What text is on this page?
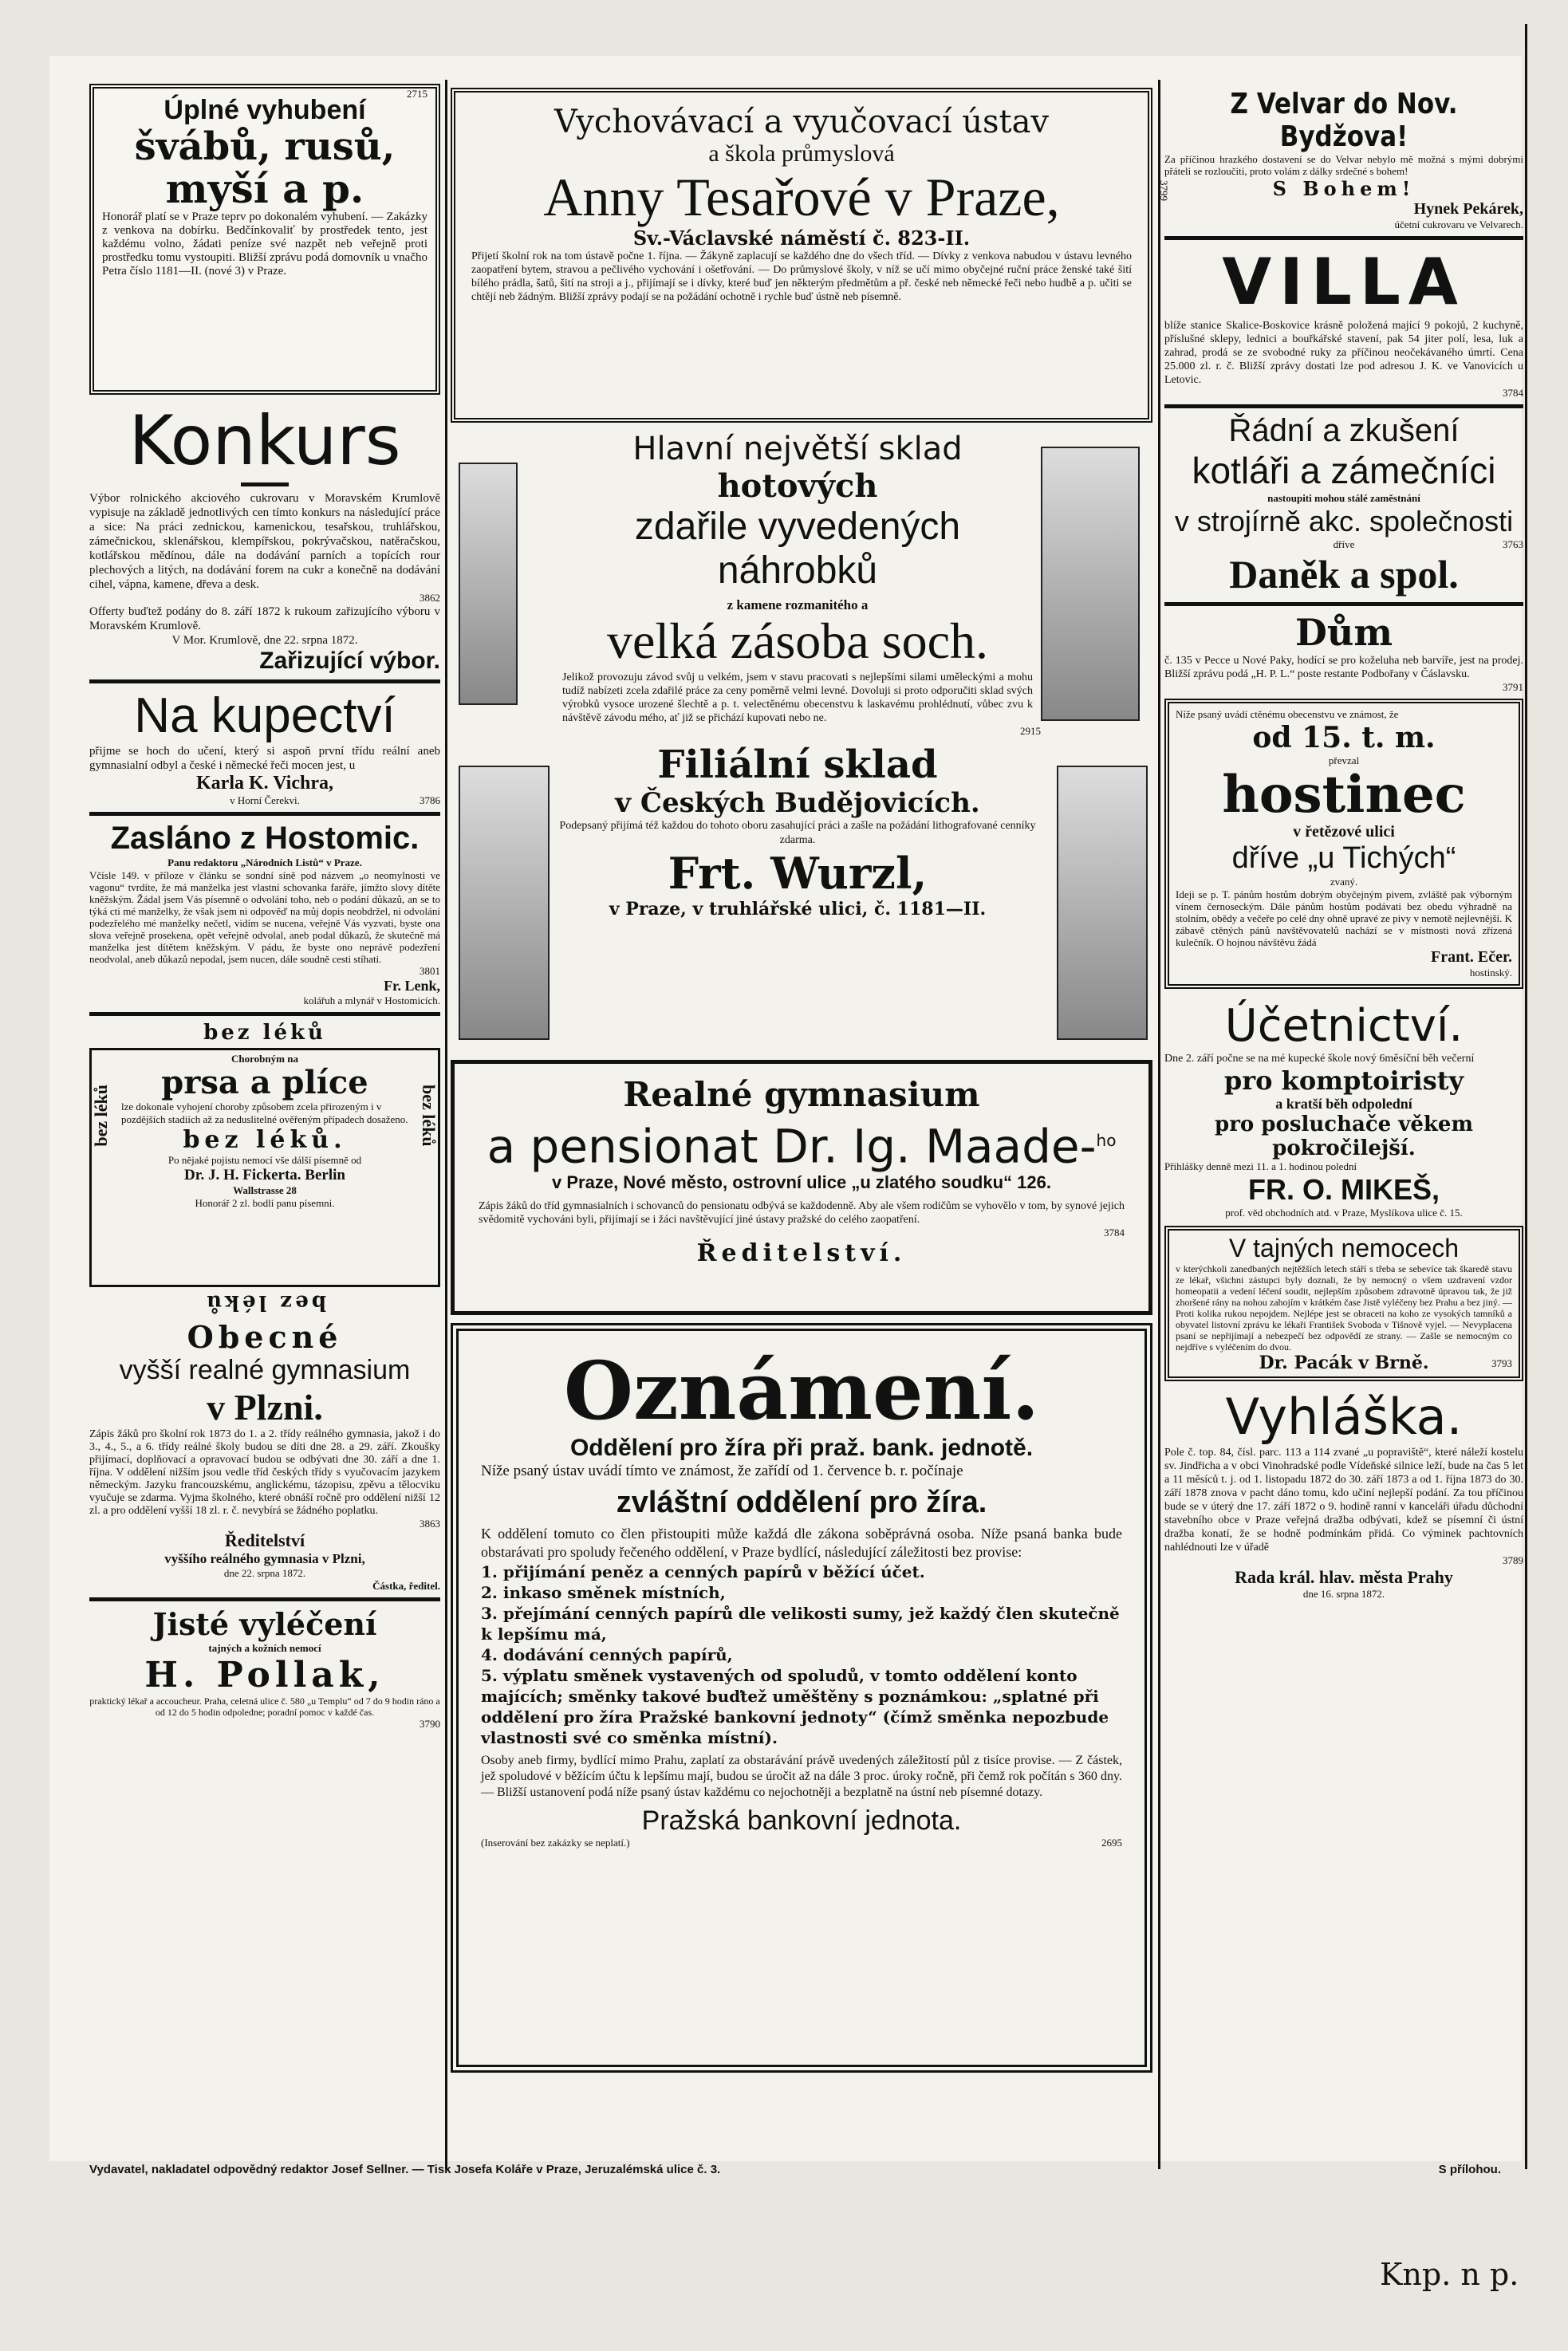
Úplné vyhubení
švábů, rusů,
myší a p.
Honorář platí se v Praze teprv po dokonalém vyhubení. — Zakázky z venkova na dobírku. Bedčínkovaliť by prostředek tento, jest každému volno, žádati peníze své nazpět neb veřejně proti prostředku tomu vystoupiti. Bližší zprávu podá domovník u vnačho Petra číslo 1181—II. (nové 3) v Praze.
Konkurs
Výbor rolnického akciového cukrovaru v Moravském Krumlově vypisuje na základě jednotlivých cen tímto konkurs na následující práce a sice: Na práci zednickou, kamenickou, tesařskou, truhlářskou, zámečnickou, sklenářskou, klempířskou, pokrývačskou, natěračskou, kotlářskou mědínou, dále na dodávání parních a topících rour plechových a litých, na dodávání forem na cukr a konečně na dodávání cihel, vápna, kamene, dřeva a desk.
3862
Offerty buďtež podány do 8. září 1872 k rukoum zařizujícího výboru v Moravském Krumlově.
V Mor. Krumlově, dne 22. srpna 1872.
Zařizující výbor.
Na kupectví
přijme se hoch do učení, který si aspoň první třídu reální aneb gymnasialní odbyl a české i německé řeči mocen jest, u
Karla K. Vichra,
v Horní Čerekvi.	3786
Zasláno z Hostomic.
Panu redaktoru „Národních Listů“ v Praze.
Včísle 149. v příloze v článku se sondní síně pod názvem „o neomylnosti ve vagonu“ tvrdíte, že má manželka jest vlastní schovanka faráře, jímžto slovy dítěte kněžským. Žádal jsem Vás písemně o odvolání toho, neb o podání důkazů, an se to týká cti mé manželky, že však jsem ni odpověď na můj dopis neobdržel, ni odvolání podezřelého mé manželky nečetl, vidím se nucena, veřejně Vás vyzvati, byste ona slova veřejně prosekena, opět veřejně odvolal, aneb podal důkazů, že skutečně má manželka jest dítětem kněžským. V pádu, že byste ono neprávě podezření neodvolal, aneb důkazů nepodal, jsem nucen, dále soudně cesti stíhati.
3801
Fr. Lenk,
kolářuh a mlynář v Hostomicích.
bez léků
bez léků	bez léků
Chorobným na
prsa a plíce
lze dokonale vyhojení choroby způsobem zcela přirozeným i v pozdějších stadiích až za neduslitelné ověřeným případech dosaženo.
bez léků.
Po nějaké pojistu nemocí vše dálší písemně od
Dr. J. H. Fickerta. Berlin
Wallstrasse 28
Honorář 2 zl. bodlí panu písemni.
bez léků
Obecné
vyšší realné gymnasium
v Plzni.
Zápis žáků pro školní rok 1873 do 1. a 2. třídy reálného gymnasia, jakož i do 3., 4., 5., a 6. třídy reálné školy budou se díti dne 28. a 29. září. Zkoušky přijímací, doplňovací a opravovací budou se odbývati dne 30. září a dne 1. října. V oddělení nižším jsou vedle tříd českých třídy s vyučovacím jazykem německým. Jazyku francouzskému, anglickému, tázopisu, zpěvu a tělocviku vyučuje se zdarma. Vyjma školného, které obnáší ročně pro oddělení nižší 12 zl. a pro oddělení vyšší 18 zl. r. č. nevybírá se žádného poplatku.
3863
Ředitelství
vyššího reálného gymnasia v Plzni,
dne 22. srpna 1872.
Částka, ředitel.
Jisté vyléčení
tajných a kožních nemocí
H. Pollak,
praktický lékař a accoucheur. Praha, celetná ulice č. 580 „u Templu“ od 7 do 9 hodin ráno a od 12 do 5 hodin odpoledne; poradní pomoc v každé čas.
3790
2715
Vychovávací a vyučovací ústav
a škola průmyslová
Anny Tesařové v Praze,
Sv.-Václavské náměstí č. 823-II.
Přijetí školní rok na tom ústavě počne 1. října. — Žákyně zaplacují se každého dne do všech tříd. — Dívky z venkova nabudou v ústavu levného zaopatření bytem, stravou a pečlivého vychování i ošetřování. — Do průmyslové školy, v níž se učí mimo obyčejné ruční práce ženské také šití bílého prádla, šatů, šití na stroji a j., přijímají se i dívky, které buď jen některým předmětům a př. české neb německé řeči nebo hudbě a p. učiti se chtějí neb žádným. Bližší zprávy podají se na požádání ochotně i rychle buď ústně neb písemně.
3799
Hlavní největší sklad
hotových
zdařile vyvedených náhrobků
z kamene rozmanitého a
velká zásoba soch.
Jelikož provozuju závod svůj u velkém, jsem v stavu pracovati s nejlepšími silami uměleckými a mohu tudíž nabízeti zcela zdařilé práce za ceny poměrně velmi levné. Dovoluji si proto odporučiti sklad svých výrobků vysoce urozené šlechtě a p. t. velectěnému obecenstvu k laskavému prohlédnutí, vůbec zvu k návštěvě závodu mého, ať již se přichází kupovati nebo ne.
2915
Filiální sklad
v Českých Budějovicích.
Podepsaný přijímá též každou do tohoto oboru zasahující práci a zašle na požádání lithografované cenníky zdarma.
Frt. Wurzl,
v Praze, v truhlářské ulici, č. 1181—II.
Realné gymnasium
a pensionat Dr. Ig. Maade-$^{ho}$
v Praze, Nové město, ostrovní ulice „u zlatého soudku“ 126.
Zápis žáků do tříd gymnasialních i schovanců do pensionatu odbývá se každodenně. Aby ale všem rodičům se vyhovělo v tom, by synové jejich svědomitě vychováni byli, přijímají se i žáci navštěvující jiné ústavy pražské do celého zaopatření.
3784
Ředitelství.
Oznámení.
Oddělení pro žíra při praž. bank. jednotě.
Níže psaný ústav uvádí tímto ve známost, že zařídí od 1. července b. r. počínaje
zvláštní oddělení pro žíra.
K oddělení tomuto co člen přistoupiti může každá dle zákona soběprávná osoba. Níže psaná banka bude obstarávati pro spoludy řečeného oddělení, v Praze bydlící, následující záležitosti bez provise:
1. přijímání peněz a cenných papírů v běžící účet.
2. inkaso směnek místních,
3. přejímání cenných papírů dle velikosti sumy, jež každý člen skutečně k lepšímu má,
4. dodávání cenných papírů,
5. výplatu směnek vystavených od spoludů, v tomto oddělení konto majících; směnky takové buďtež uměštěny s poznámkou: „splatné při oddělení pro žíra Pražské bankovní jednoty“ (čímž směnka nepozbude vlastnosti své co směnka místní).
Osoby aneb firmy, bydlící mimo Prahu, zaplatí za obstarávání právě uvedených záležitostí půl z tisíce provise. — Z částek, jež spoludové v běžícím účtu k lepšímu mají, budou se úročit až na dále 3 proc. úroky ročně, při čemž rok počítán s 360 dny. — Bližší ustanovení podá níže psaný ústav každému co nejochotněji a bezplatně na ústní neb písemné dotazy.
Pražská bankovní jednota.
(Inserování bez zakázky se neplatí.)	2695
Z Velvar do Nov. Bydžova!
Za příčinou hrazkého dostavení se do Velvar nebylo mě možná s mými dobrými přáteli se rozloučiti, proto volám z dálky srdečné s bohem!
S Bohem!
Hynek Pekárek,
účetní cukrovaru ve Velvarech.
VILLA
blíže stanice Skalice-Boskovice krásně položená mající 9 pokojů, 2 kuchyně, příslušné sklepy, lednici a bouřkářské stavení, pak 54 jiter polí, lesa, luk a zahrad, prodá se ze svobodné ruky za příčinou neočekávaného úmrtí. Cena 25.000 zl. r. č. Bližší zprávy dostati lze pod adresou J. K. ve Vanovicích u Letovic.
3784
Řádní a zkušení
kotláři a zámečníci
nastoupiti mohou stálé zaměstnání
v strojírně akc. společnosti
dříve	3763
Daněk a spol.
Dům
č. 135 v Pecce u Nové Paky, hodící se pro koželuha neb barvíře, jest na prodej. Bližší zprávu podá „H. P. L.“ poste restante Podbořany v Čáslavsku.
3791
Níže psaný uvádí ctěnému obecenstvu ve známost, že
od 15. t. m.
převzal
hostinec
v řetězové ulici
dříve „u Tichých“
zvaný.
Ideji se p. T. pánům hostům dobrým obyčejným pivem, zvláště pak výborným vínem černoseckým. Dále pánům hostům podávati bez obedu výhradně na stolním, obědy a večeře po celé dny ohně upravé ze pivy v nemotě nejlevnější. K zábavě ctěných pánů navštěvovatelů nachází se v místnosti nová zřízená kulečník. O hojnou návštěvu žádá
Frant. Ečer.
hostinský.
Účetnictví.
Dne 2. září počne se na mé kupecké škole nový 6měsíční běh večerní
pro komptoiristy
a kratší běh odpolední
pro posluchače věkem pokročilejší.
Přihlášky denně mezi 11. a 1. hodinou polední
FR. O. MIKEŠ,
prof. věd obchodních atd. v Praze, Myslíkova ulice č. 15.
V tajných nemocech
v kterýchkoli zanedbaných nejtěžších letech stáří s třeba se sebevíce tak škaredě stavu ze lékař, všichni zástupci byly doznali, že by nemocný o všem uzdravení vzdor homeopatii a vedení léčení soudit, nejlepším způsobem zdravotně úpravou tak, že již zhoršené rány na nohou zahojím v krátkém čase Jistě vyléčeny bez Prahu a bez jiný. — Proti kolika rukou nepojdem. Nejlépe jest se obraceti na koho ze vysokých tamníků a obyvatel listovní zprávu ke lékaři František Svoboda v Tišnově vyjel. — Nevyplacena psaní se nepřijímají a nebezpečí bez odpovědí ze strany. — Zašle se nemocným co nejdříve s vyléčením do dvou.
Dr. Pacák v Brně.	3793
Vyhláška.
Pole č. top. 84, čísl. parc. 113 a 114 zvané „u popraviště“, které náleží kostelu sv. Jindřicha a v obci Vinohradské podle Vídeňské silnice leží, bude na čas 5 let a 11 měsíců t. j. od 1. listopadu 1872 do 30. září 1873 a od 1. října 1873 do 30. září 1878 znova v pacht dáno tomu, kdo učiní nejlepší podání. Za tou příčinou bude se v úterý dne 17. září 1872 o 9. hodině ranní v kanceláři úřadu důchodní stavebního obce v Praze veřejná dražba odbývati, kdež se písemní či ústní dražba konatí, že se hodně podmínkám přidá. Co výminek pachtovních nahlédnouti lze v úřadě
3789
Rada král. hlav. města Prahy
dne 16. srpna 1872.
Vydavatel, nakladatel odpovědný redaktor Josef Sellner. — Tisk Josefa Koláře v Praze, Jeruzalémská ulice č. 3.	S přílohou.
Knp. n p.
